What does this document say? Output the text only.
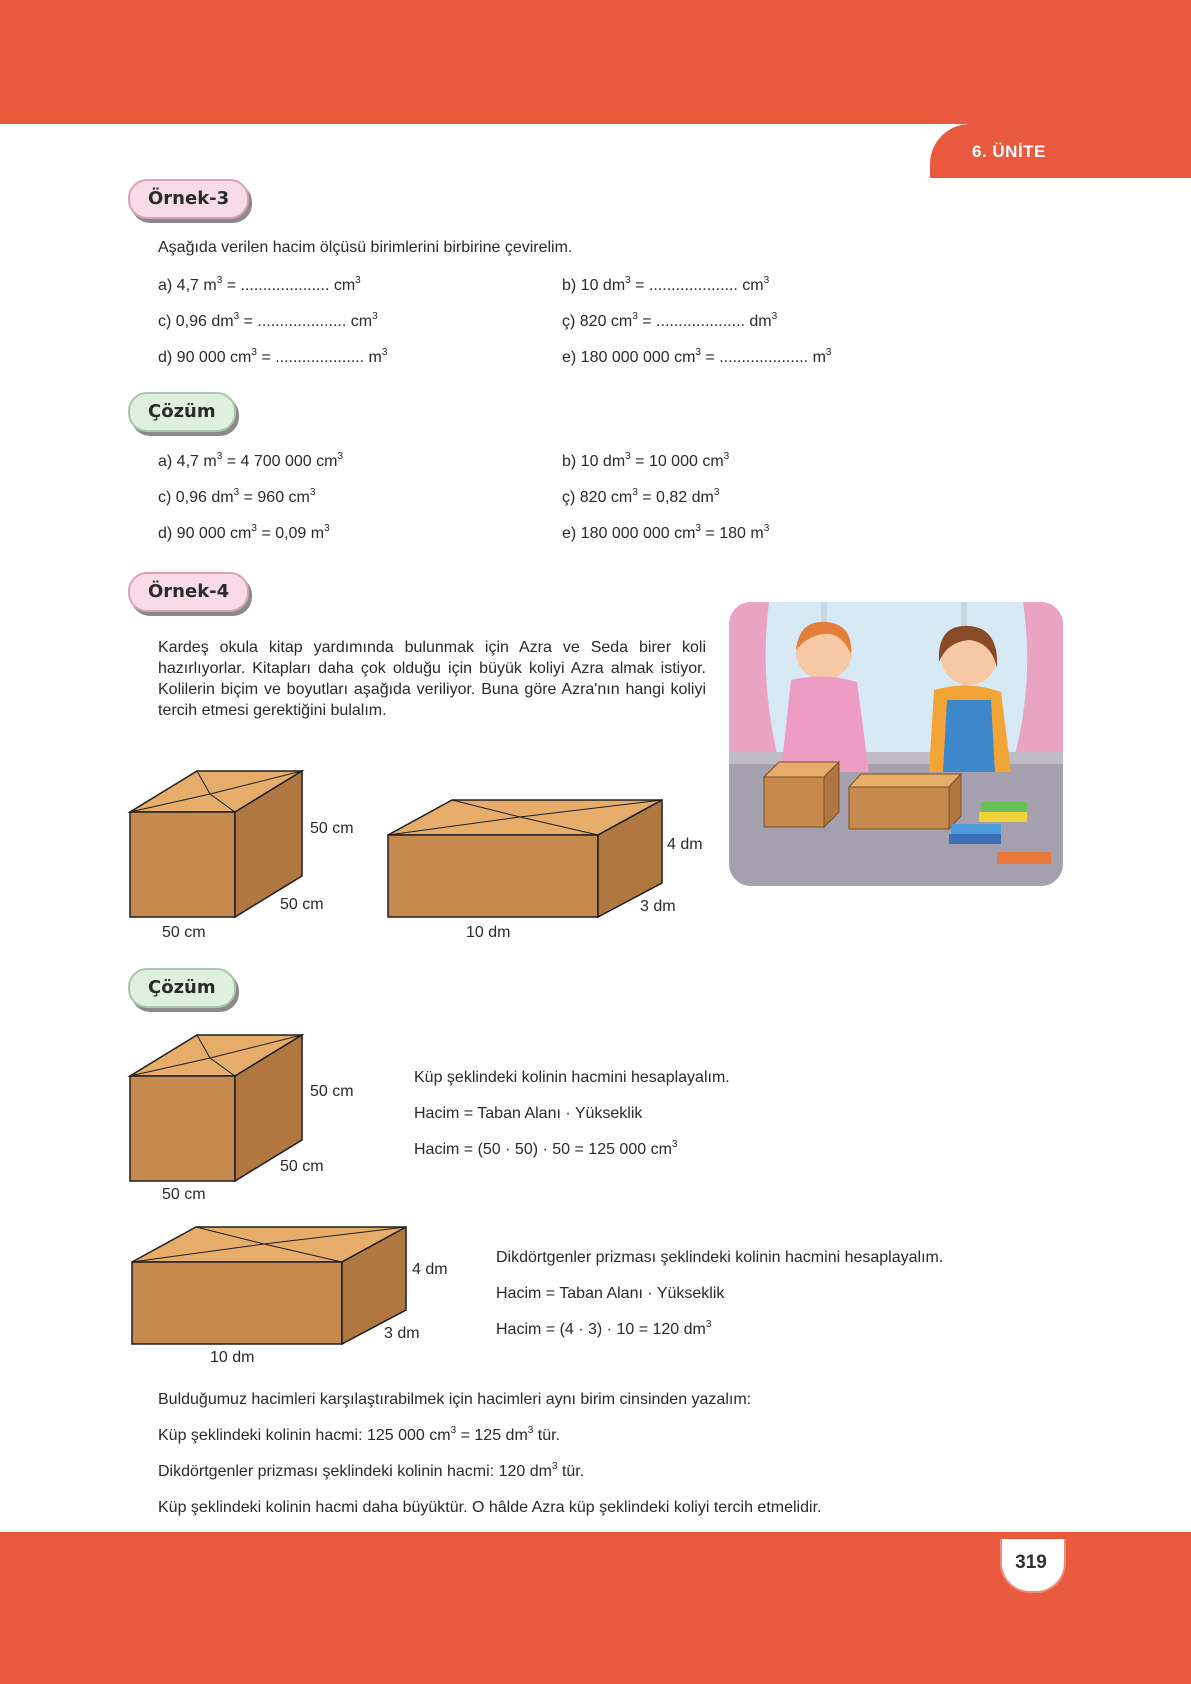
6. ÜNİTE
319
Örnek-3
Aşağıda verilen hacim ölçüsü birimlerini birbirine çevirelim.
a) 4,7 $m^3$ = .................... $cm^3$	b) 10 $dm^3$ = .................... $cm^3$
c) 0,96 $dm^3$ = .................... $cm^3$	ç) 820 $cm^3$ = .................... $dm^3$
d) 90 000 $cm^3$ = .................... $m^3$	e) 180 000 000 $cm^3$ = .................... $m^3$
Çözüm
a) 4,7 $m^3 = 4$ 700 000 $cm^3$	b) 10 $dm^3 = 10$ 000 $cm^3$
c) 0,96 $dm^3 = 960$ $cm^3$	ç) 820 $cm^3 = 0,82$ $dm^3$
d) 90 000 $cm^3 = 0,09$ $m^3$	e) 180 000 000 $cm^3 = 180$ $m^3$
Örnek-4
Kardeş okula kitap yardımında bulunmak için Azra ve Seda birer koli hazırlıyorlar. Kitapları daha çok olduğu için büyük koliyi Azra almak istiyor. Kolilerin biçim ve boyutları aşağıda veriliyor. Buna göre Azra'nın hangi koliyi tercih etmesi gerektiğini bulalım.
50 cm
50 cm
50 cm
4 dm
3 dm
10 dm
Çözüm
50 cm
50 cm
50 cm
Küp şeklindeki kolinin hacmini hesaplayalım.
Hacim = Taban Alanı · Yükseklik
Hacim = (50 · 50) · 50 = 125 000 $cm^3$
4 dm
3 dm
10 dm
Dikdörtgenler prizması şeklindeki kolinin hacmini hesaplayalım.
Hacim = Taban Alanı · Yükseklik
Hacim = (4 · 3) · 10 = 120 $dm^3$
Bulduğumuz hacimleri karşılaştırabilmek için hacimleri aynı birim cinsinden yazalım:
Küp şeklindeki kolinin hacmi: 125 000 $cm^3 = 125$ $dm^3$ tür.
Dikdörtgenler prizması şeklindeki kolinin hacmi: 120 $dm^3$ tür.
Küp şeklindeki kolinin hacmi daha büyüktür. O hâlde Azra küp şeklindeki koliyi tercih etmelidir.
